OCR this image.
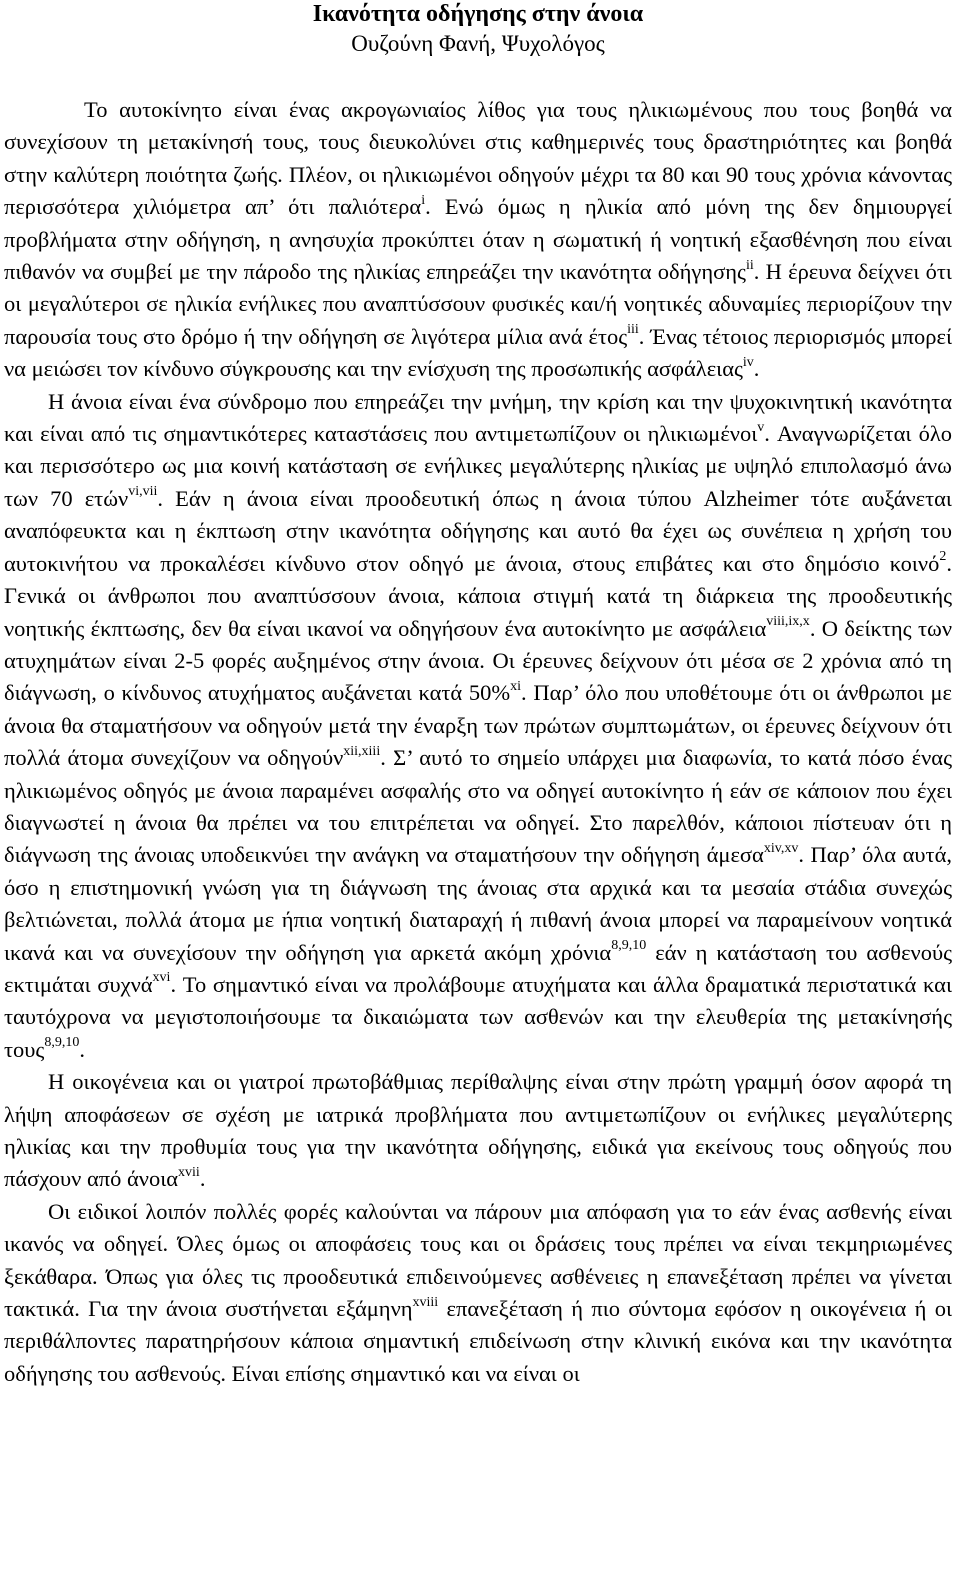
Ικανότητα οδήγησης στην άνοια
Ουζούνη Φανή, Ψυχολόγος

Το αυτοκίνητο είναι ένας ακρογωνιαίος λίθος για τους ηλικιωμένους που τους βοηθά να συνεχίσουν τη μετακίνησή τους, τους διευκολύνει στις καθημερινές τους δραστηριότητες και βοηθά στην καλύτερη ποιότητα ζωής. Πλέον, οι ηλικιωμένοι οδηγούν μέχρι τα 80 και 90 τους χρόνια κάνοντας περισσότερα χιλιόμετρα απ’ ότι παλιότερα$^i$. Ενώ όμως η ηλικία από μόνη της δεν δημιουργεί προβλήματα στην οδήγηση, η ανησυχία προκύπτει όταν η σωματική ή νοητική εξασθένηση που είναι πιθανόν να συμβεί με την πάροδο της ηλικίας επηρεάζει την ικανότητα οδήγησης$^{ii}$. Η έρευνα δείχνει ότι οι μεγαλύτεροι σε ηλικία ενήλικες που αναπτύσσουν φυσικές και/ή νοητικές αδυναμίες περιορίζουν την παρουσία τους στο δρόμο ή την οδήγηση σε λιγότερα μίλια ανά έτος$^{iii}$. Ένας τέτοιος περιορισμός μπορεί να μειώσει τον κίνδυνο σύγκρουσης και την ενίσχυση της προσωπικής ασφάλειας$^{iv}$.

Η άνοια είναι ένα σύνδρομο που επηρεάζει την μνήμη, την κρίση και την ψυχοκινητική ικανότητα και είναι από τις σημαντικότερες καταστάσεις που αντιμετωπίζουν οι ηλικιωμένοι$^v$. Αναγνωρίζεται όλο και περισσότερο ως μια κοινή κατάσταση σε ενήλικες μεγαλύτερης ηλικίας με υψηλό επιπολασμό άνω των 70 ετών$^{vi,vii}$. Εάν η άνοια είναι προοδευτική όπως η άνοια τύπου Alzheimer τότε αυξάνεται αναπόφευκτα και η έκπτωση στην ικανότητα οδήγησης και αυτό θα έχει ως συνέπεια η χρήση του αυτοκινήτου να προκαλέσει κίνδυνο στον οδηγό με άνοια, στους επιβάτες και στο δημόσιο κοινό$^2$. Γενικά οι άνθρωποι που αναπτύσσουν άνοια, κάποια στιγμή κατά τη διάρκεια της προοδευτικής νοητικής έκπτωσης, δεν θα είναι ικανοί να οδηγήσουν ένα αυτοκίνητο με ασφάλεια$^{viii,ix,x}$. Ο δείκτης των ατυχημάτων είναι 2-5 φορές αυξημένος στην άνοια. Οι έρευνες δείχνουν ότι μέσα σε 2 χρόνια από τη διάγνωση, ο κίνδυνος ατυχήματος αυξάνεται κατά 50%$^{xi}$. Παρ’ όλο που υποθέτουμε ότι οι άνθρωποι με άνοια θα σταματήσουν να οδηγούν μετά την έναρξη των πρώτων συμπτωμάτων, οι έρευνες δείχνουν ότι πολλά άτομα συνεχίζουν να οδηγούν$^{xii,xiii}$. Σ’ αυτό το σημείο υπάρχει μια διαφωνία, το κατά πόσο ένας ηλικιωμένος οδηγός με άνοια παραμένει ασφαλής στο να οδηγεί αυτοκίνητο ή εάν σε κάποιον που έχει διαγνωστεί η άνοια θα πρέπει να του επιτρέπεται να οδηγεί. Στο παρελθόν, κάποιοι πίστευαν ότι η διάγνωση της άνοιας υποδεικνύει την ανάγκη να σταματήσουν την οδήγηση άμεσα$^{xiv,xv}$. Παρ’ όλα αυτά, όσο η επιστημονική γνώση για τη διάγνωση της άνοιας στα αρχικά και τα μεσαία στάδια συνεχώς βελτιώνεται, πολλά άτομα με ήπια νοητική διαταραχή ή πιθανή άνοια μπορεί να παραμείνουν νοητικά ικανά και να συνεχίσουν την οδήγηση για αρκετά ακόμη χρόνια$^{8,9,10}$ εάν η κατάσταση του ασθενούς εκτιμάται συχνά$^{xvi}$. Το σημαντικό είναι να προλάβουμε ατυχήματα και άλλα δραματικά περιστατικά και ταυτόχρονα να μεγιστοποιήσουμε τα δικαιώματα των ασθενών και την ελευθερία της μετακίνησής τους$^{8,9,10}$.

Η οικογένεια και οι γιατροί πρωτοβάθμιας περίθαλψης είναι στην πρώτη γραμμή όσον αφορά τη λήψη αποφάσεων σε σχέση με ιατρικά προβλήματα που αντιμετωπίζουν οι ενήλικες μεγαλύτερης ηλικίας και την προθυμία τους για την ικανότητα οδήγησης, ειδικά για εκείνους τους οδηγούς που πάσχουν από άνοια$^{xvii}$.

Οι ειδικοί λοιπόν πολλές φορές καλούνται να πάρουν μια απόφαση για το εάν ένας ασθενής είναι ικανός να οδηγεί. Όλες όμως οι αποφάσεις τους και οι δράσεις τους πρέπει να είναι τεκμηριωμένες ξεκάθαρα. Όπως για όλες τις προοδευτικά επιδεινούμενες ασθένειες η επανεξέταση πρέπει να γίνεται τακτικά. Για την άνοια συστήνεται εξάμηνη$^{xviii}$ επανεξέταση ή πιο σύντομα εφόσον η οικογένεια ή οι περιθάλποντες παρατηρήσουν κάποια σημαντική επιδείνωση στην κλινική εικόνα και την ικανότητα οδήγησης του ασθενούς. Είναι επίσης σημαντικό και να είναι οι
